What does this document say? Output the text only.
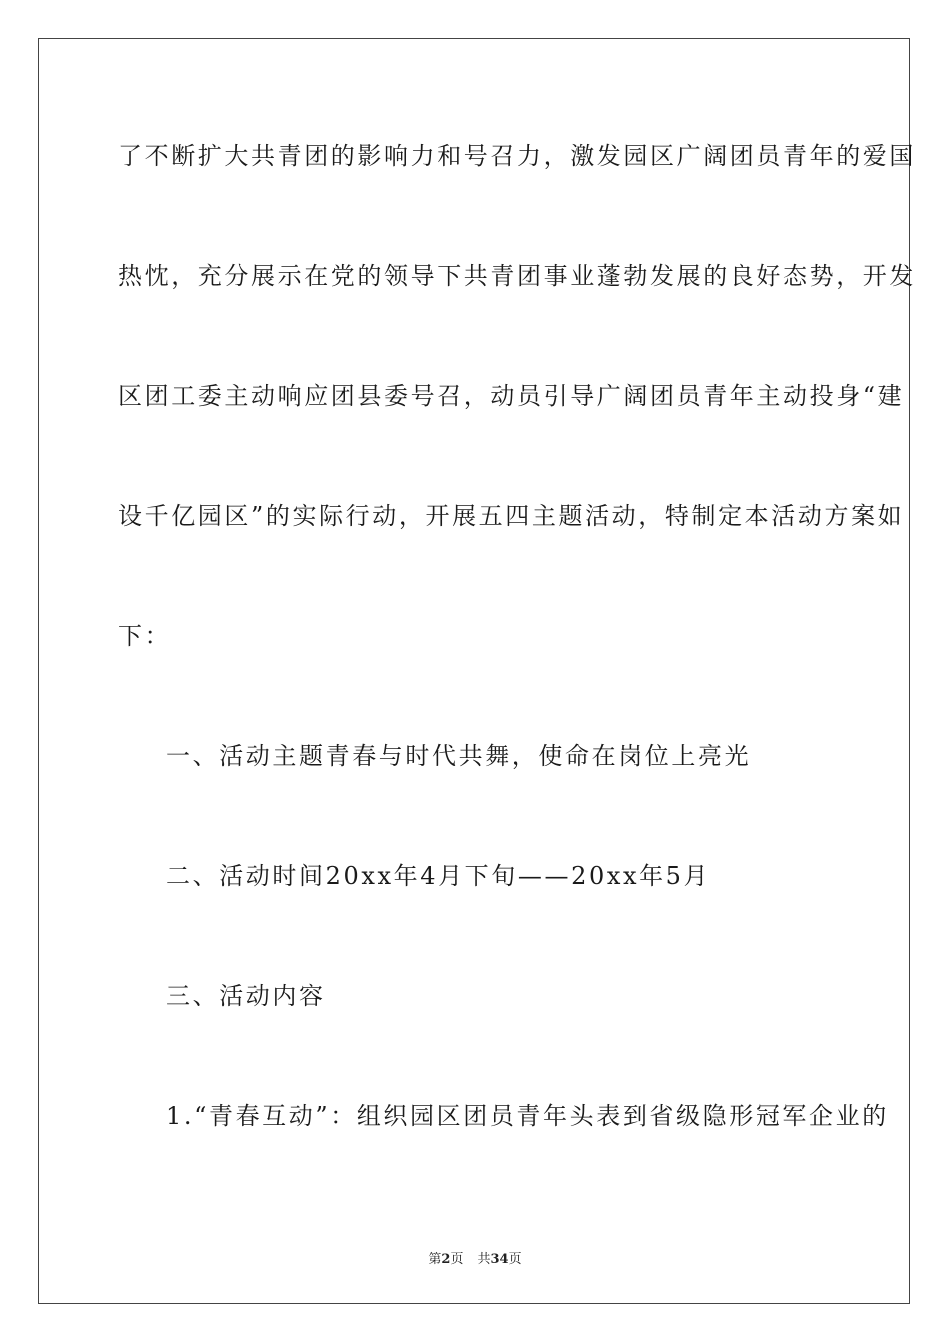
了不断扩大共青团的影响力和号召力，激发园区广阔团员青年的爱国
热忱，充分展示在党的领导下共青团事业蓬勃发展的良好态势，开发
区团工委主动响应团县委号召，动员引导广阔团员青年主动投身“建
设千亿园区”的实际行动，开展五四主题活动，特制定本活动方案如
下：
一、活动主题青春与时代共舞，使命在岗位上亮光
二、活动时间20xx年4月下旬——20xx年5月
三、活动内容
1.“青春互动”：组织园区团员青年头表到省级隐形冠军企业的
第2页 共34页
